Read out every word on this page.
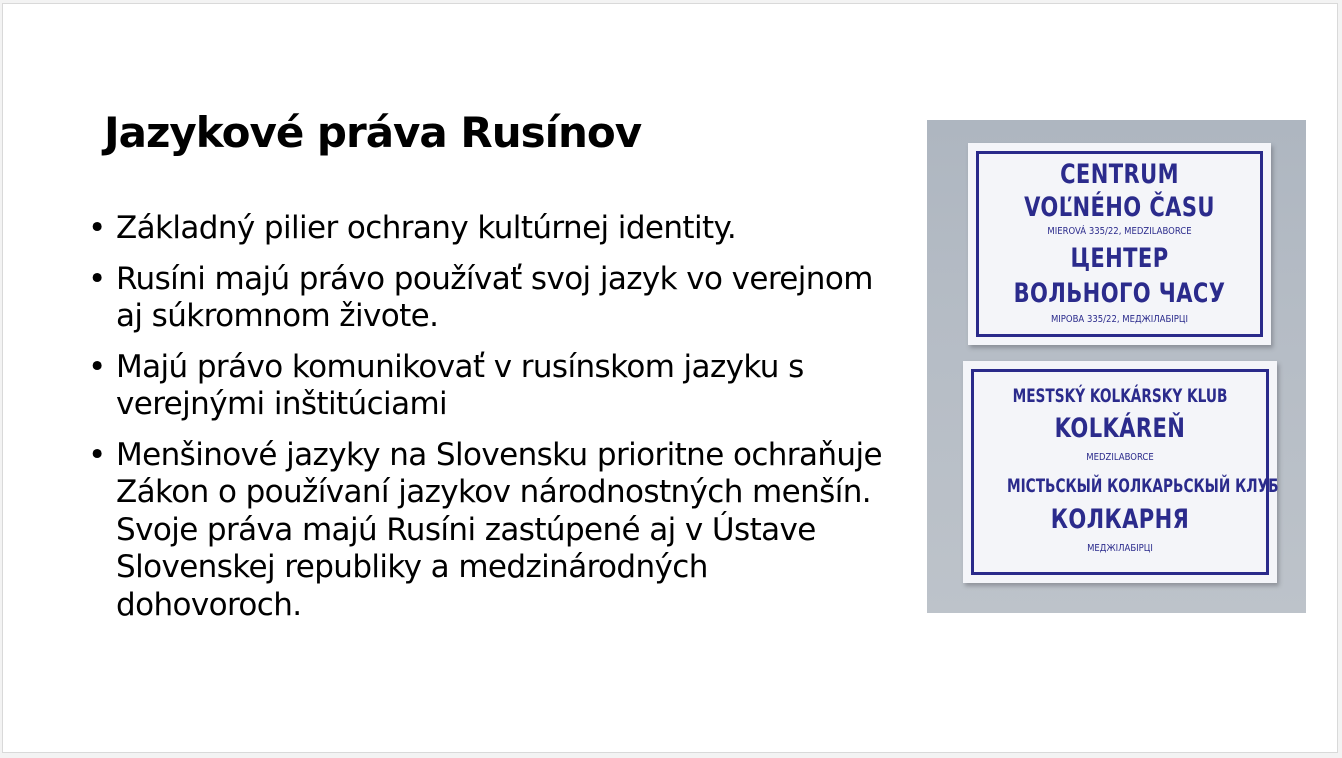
Jazykové práva Rusínov
• Základný pilier ochrany kultúrnej identity.
• Rusíni majú právo používať svoj jazyk vo verejnom aj súkromnom živote.
• Majú právo komunikovať v rusínskom jazyku s verejnými inštitúciami
• Menšinové jazyky na Slovensku prioritne ochraňuje Zákon o používaní jazykov národnostných menšín. Svoje práva majú Rusíni zastúpené aj v Ústave Slovenskej republiky a medzinárodných dohovoroch.
CENTRUM
VOĽNÉHO ČASU
MIEROVÁ 335/22, MEDZILABORCE
ЦЕНТЕР
ВОЛЬНОГО ЧАСУ
МІРОВА 335/22, МЕДЖІЛАБІРЦІ
MESTSKÝ KOLKÁRSKY KLUB
KOLKÁREŇ
MEDZILABORCE
МІСТЬСКЫЙ КОЛКАРЬСКЫЙ КЛУБ
КОЛКАРНЯ
МЕДЖІЛАБІРЦІ
